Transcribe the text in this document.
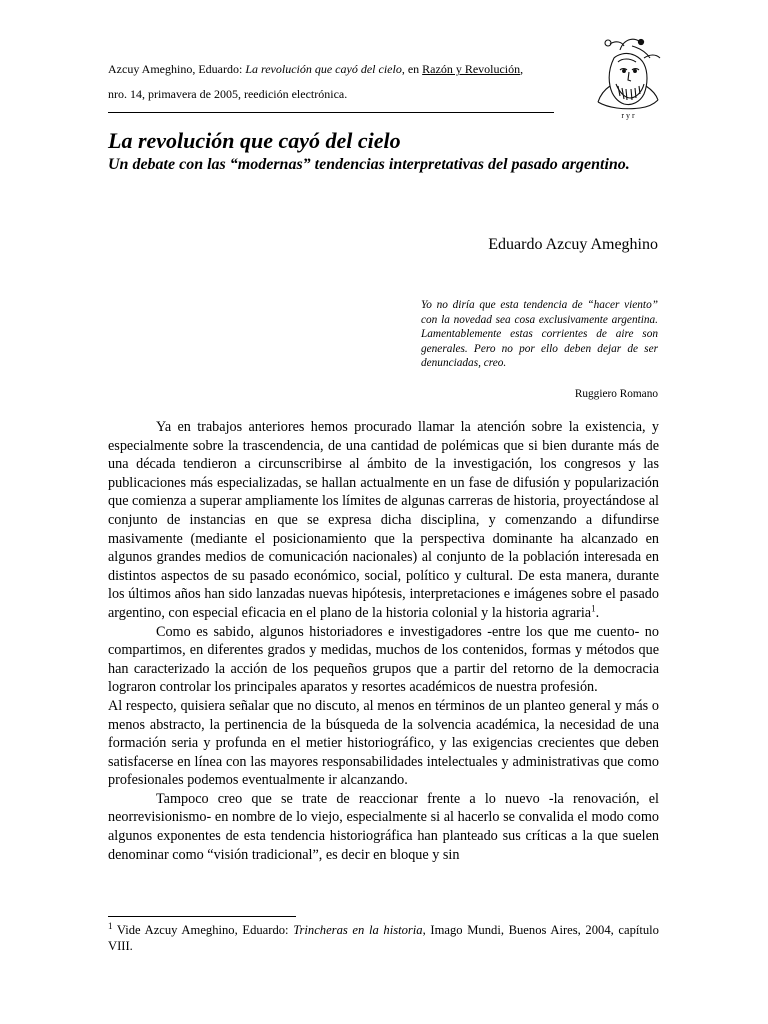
Azcuy Ameghino, Eduardo: La revolución que cayó del cielo, en Razón y Revolución,
nro. 14, primavera de 2005, reedición electrónica.
r y r
La revolución que cayó del cielo
Un debate con las “modernas” tendencias interpretativas del pasado argentino.
Eduardo Azcuy Ameghino
Yo no diría que esta tendencia de “hacer viento” con la novedad sea cosa exclusivamente argentina. Lamentablemente estas corrientes de aire son generales. Pero no por ello deben dejar de ser denunciadas, creo.
Ruggiero Romano

Ya en trabajos anteriores hemos procurado llamar la atención sobre la existencia, y especialmente sobre la trascendencia, de una cantidad de polémicas que si bien durante más de una década tendieron a circunscribirse al ámbito de la investigación, los congresos y las publicaciones más especializadas, se hallan actualmente en un fase de difusión y popularización que comienza a superar ampliamente los límites de algunas carreras de historia, proyectándose al conjunto de instancias en que se expresa dicha disciplina, y comenzando a difundirse masivamente (mediante el posicionamiento que la perspectiva dominante ha alcanzado en algunos grandes medios de comunicación nacionales) al conjunto de la población interesada en distintos aspectos de su pasado económico, social, político y cultural. De esta manera, durante los últimos años han sido lanzadas nuevas hipótesis, interpretaciones e imágenes sobre el pasado argentino, con especial eficacia en el plano de la historia colonial y la historia agraria$^1$.

Como es sabido, algunos historiadores e investigadores -entre los que me cuento- no compartimos, en diferentes grados y medidas, muchos de los contenidos, formas y métodos que han caracterizado la acción de los pequeños grupos que a partir del retorno de la democracia lograron controlar los principales aparatos y resortes académicos de nuestra profesión.

Al respecto, quisiera señalar que no discuto, al menos en términos de un planteo general y más o menos abstracto, la pertinencia de la búsqueda de la solvencia académica, la necesidad de una formación seria y profunda en el metier historiográfico, y las exigencias crecientes que deben satisfacerse en línea con las mayores responsabilidades intelectuales y administrativas que como profesionales podemos eventualmente ir alcanzando.

Tampoco creo que se trate de reaccionar frente a lo nuevo -la renovación, el neorrevisionismo- en nombre de lo viejo, especialmente si al hacerlo se convalida el modo como algunos exponentes de esta tendencia historiográfica han planteado sus críticas a la que suelen denominar como “visión tradicional”, es decir en bloque y sin

$^1$ Vide Azcuy Ameghino, Eduardo: Trincheras en la historia, Imago Mundi, Buenos Aires, 2004, capítulo VIII.
